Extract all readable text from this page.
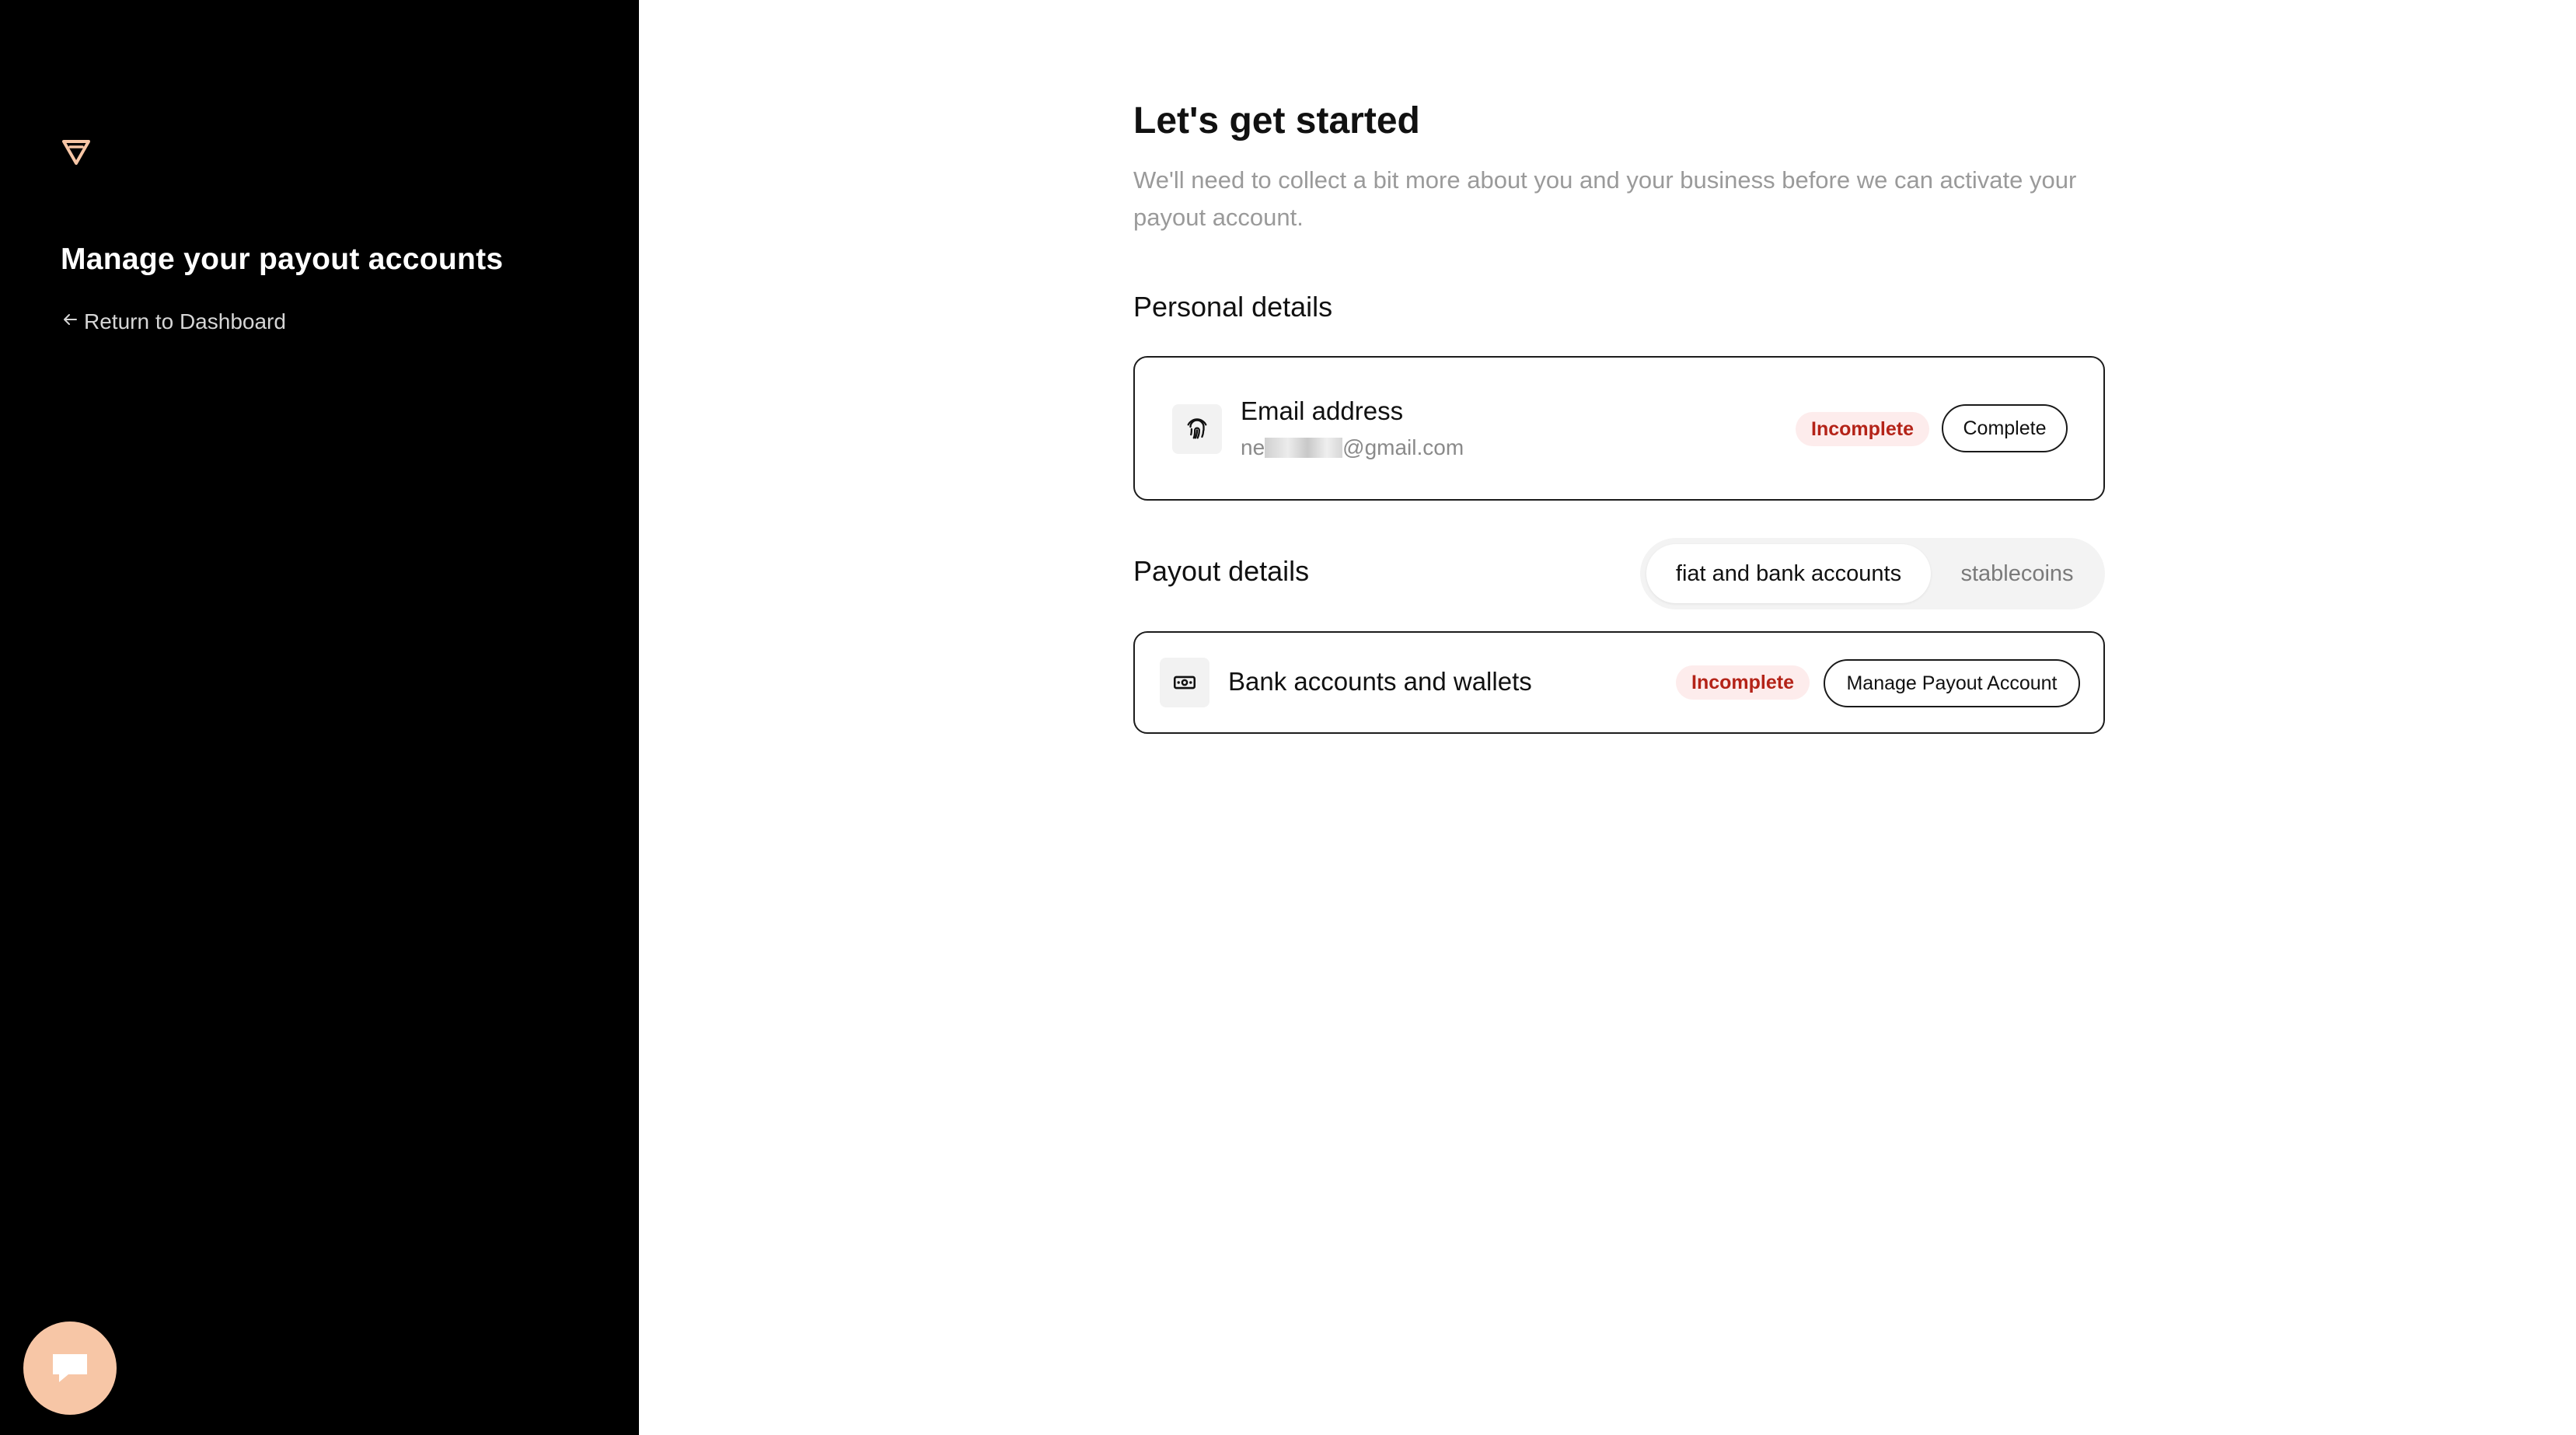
Manage your payout accounts
Return to Dashboard
Let's get started

We'll need to collect a bit more about you and your business before we can activate your payout account.

Personal details
Email address
ne	@gmail.com
Incomplete	Complete
Payout details	fiat and bank accounts	stablecoins
Bank accounts and wallets	Incomplete	Manage Payout Account
